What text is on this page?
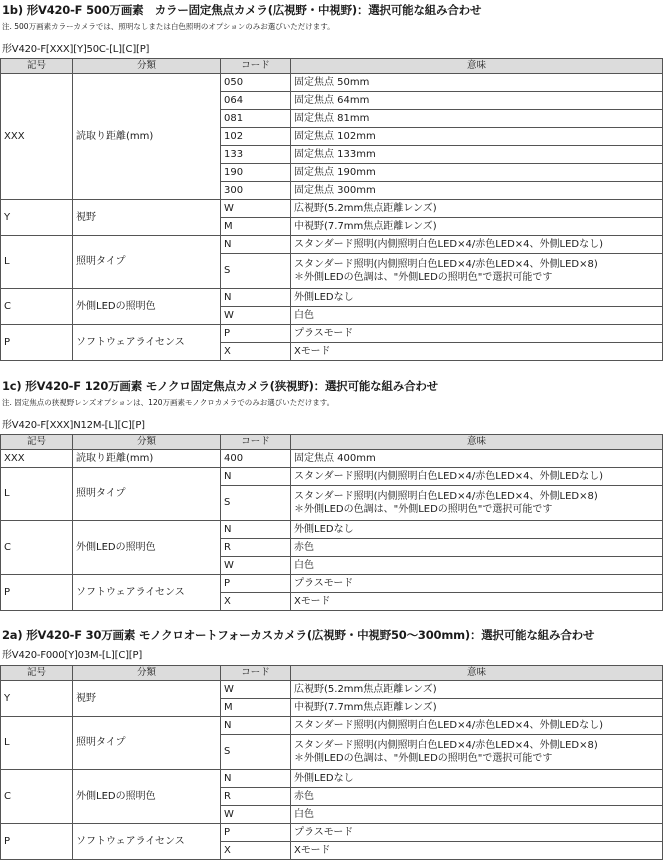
1b) 形V420-F 500万画素　カラー固定焦点カメラ(広視野・中視野)：選択可能な組み合わせ
注. 500万画素カラーカメラでは、照明なしまたは白色照明のオプションのみお選びいただけます。
形V420-F[XXX][Y]50C-[L][C][P]
記号	分類	コード	意味
XXX	読取り距離(mm)	050	固定焦点 50mm
		064	固定焦点 64mm
		081	固定焦点 81mm
		102	固定焦点 102mm
		133	固定焦点 133mm
		190	固定焦点 190mm
		300	固定焦点 300mm
Y	視野	W	広視野(5.2mm焦点距離レンズ)
		M	中視野(7.7mm焦点距離レンズ)
L	照明タイプ	N	スタンダード照明(内側照明白色LED×4/赤色LED×4、外側LEDなし)
		S	スタンダード照明(内側照明白色LED×4/赤色LED×4、外側LED×8)
＊外側LEDの色調は、"外側LEDの照明色"で選択可能です

C	外側LEDの照明色	N	外側LEDなし
		W	白色
P	ソフトウェアライセンス	P	プラスモード
		X	Xモード
1c) 形V420-F 120万画素 モノクロ固定焦点カメラ(狭視野)：選択可能な組み合わせ
注. 固定焦点の狭視野レンズオプションは、120万画素モノクロカメラでのみお選びいただけます。
形V420-F[XXX]N12M-[L][C][P]
記号	分類	コード	意味
XXX	読取り距離(mm)	400	固定焦点 400mm
L	照明タイプ	N	スタンダード照明(内側照明白色LED×4/赤色LED×4、外側LEDなし)
		S	スタンダード照明(内側照明白色LED×4/赤色LED×4、外側LED×8)
＊外側LEDの色調は、"外側LEDの照明色"で選択可能です

C	外側LEDの照明色	N	外側LEDなし
		R	赤色
		W	白色
P	ソフトウェアライセンス	P	プラスモード
		X	Xモード
2a) 形V420-F 30万画素 モノクロオートフォーカスカメラ(広視野・中視野50～300mm)：選択可能な組み合わせ
形V420-F000[Y]03M-[L][C][P]
記号	分類	コード	意味
Y	視野	W	広視野(5.2mm焦点距離レンズ)
		M	中視野(7.7mm焦点距離レンズ)
L	照明タイプ	N	スタンダード照明(内側照明白色LED×4/赤色LED×4、外側LEDなし)
		S	スタンダード照明(内側照明白色LED×4/赤色LED×4、外側LED×8)
＊外側LEDの色調は、"外側LEDの照明色"で選択可能です

C	外側LEDの照明色	N	外側LEDなし
		R	赤色
		W	白色
P	ソフトウェアライセンス	P	プラスモード
		X	Xモード
